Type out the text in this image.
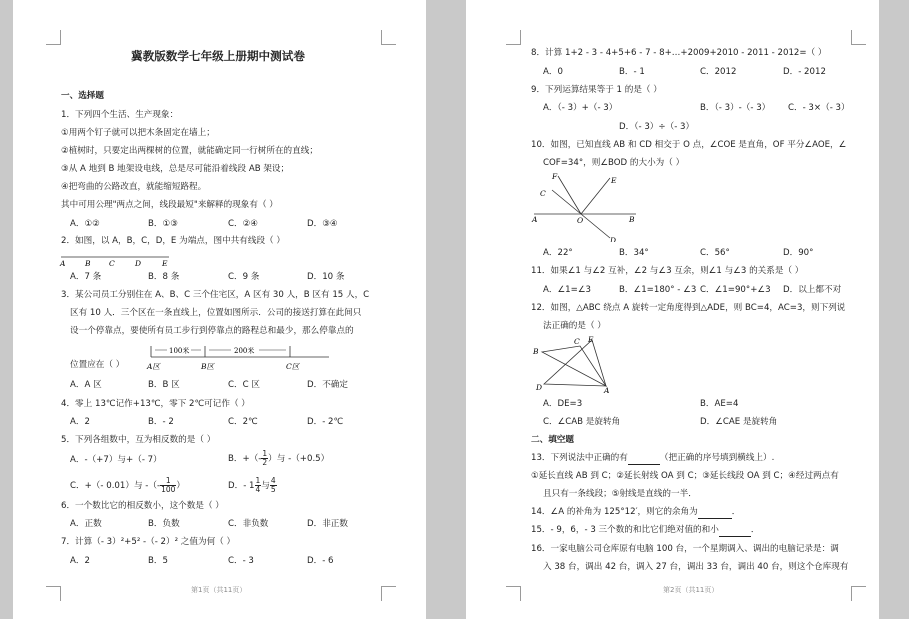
冀教版数学七年级上册期中测试卷
一、选择题
1．下列四个生活、生产现象：
①用两个钉子就可以把木条固定在墙上；
②植树时，只要定出两棵树的位置，就能确定同一行树所在的直线；
③从 A 地到 B 地架设电线，总是尽可能沿着线段 AB 架设；
④把弯曲的公路改直，就能缩短路程。
其中可用公理"两点之间，线段最短"来解释的现象有（ ）
A．①②	B．①③	C．②④	D．③④
2．如图，以 A，B，C，D，E 为端点，图中共有线段（ ）
A	B C	D	E
A．7 条	B．8 条	C．9 条	D．10 条
3．某公司员工分别住在 A、B、C 三个住宅区，A 区有 30 人，B 区有 15 人，C
区有 10 人．三个区在一条直线上，位置如图所示．公司的接送打算在此间只
设一个停靠点，要使所有员工步行到停靠点的路程总和最少，那么停靠点的
100米	200米
A区	B区	C区
位置应在（ ）
A．A 区	B．B 区	C．C 区	D．不确定
4．零上 13℃记作+13℃，零下 2℃可记作（ ）
A．2	B．- 2	C．2℃	D．- 2℃
5．下列各组数中，互为相反数的是（ ）
A．-（+7）与+（- 7）	B．+（- $\frac{1}{2}$ ）与 -（+0.5）
C．+（- 0.01）与 -（- $\frac{1}{100}$ ）	D．- $1 \frac{1}{4}$ 与 $\frac{4}{5}$
6．一个数比它的相反数小，这个数是（ ）
A．正数	B．负数	C．非负数	D．非正数
7．计算（- 3）²+5² -（- 2）² 之值为何（ ）
A．2	B．5	C．- 3	D．- 6
第1页（共11页）
8．计算 1+2 - 3 - 4+5+6 - 7 - 8+…+2009+2010 - 2011 - 2012=（ ）
A．0	B．- 1	C．2012	D．- 2012
9．下列运算结果等于 1 的是（ ）
A．（- 3）+（- 3）	B．（- 3）-（- 3） C．- 3×（- 3）
D．（- 3）÷（- 3）
10．如图，已知直线 AB 和 CD 相交于 O 点，∠COE 是直角，OF 平分∠AOE，∠
COF=34°，则∠BOD 的大小为（ ）
F
C
E
A	O	B
D
A．22°	B．34°	C．56°	D．90°
11．如果∠1 与∠2 互补，∠2 与∠3 互余，则∠1 与∠3 的关系是（ ）
A．∠1=∠3	B．∠1=180° - ∠3 C．∠1=90°+∠3 D．以上都不对
12．如图，△ABC 绕点 A 旋转一定角度得到△ADE，则 BC=4，AC=3，则下列说
法正确的是（ ）
E
C
B
D	A
A．DE=3	B．AE=4
C．∠CAB 是旋转角	D．∠CAE 是旋转角
二、填空题
13．下列说法中正确的有	（把正确的序号填到横线上）.
①延长直线 AB 到 C；②延长射线 OA 到 C；③延长线段 OA 到 C；④经过两点有
且只有一条线段；⑤射线是直线的一半．
14．∠A 的补角为 125°12′，则它的余角为	．
15．- 9，6，- 3 三个数的和比它们绝对值的和小	．
16．一家电脑公司仓库原有电脑 100 台，一个星期调入、调出的电脑记录是：调
入 38 台，调出 42 台，调入 27 台，调出 33 台，调出 40 台，则这个仓库现有
第2页（共11页）
